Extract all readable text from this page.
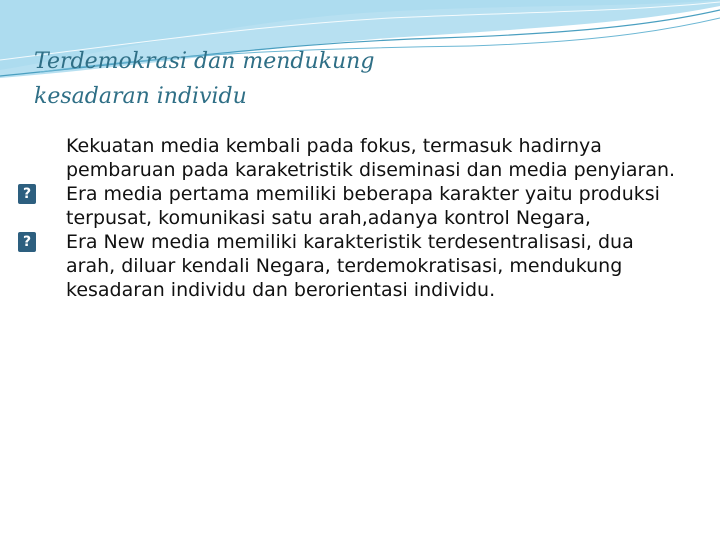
Terdemokrasi dan mendukung
kesadaran individu

Kekuatan media kembali pada fokus, termasuk hadirnya pembaruan pada karaketristik diseminasi dan media penyiaran.

? Era media pertama memiliki beberapa karakter yaitu produksi terpusat, komunikasi satu arah,adanya kontrol Negara,

? Era New media memiliki karakteristik terdesentralisasi, dua arah, diluar kendali Negara, terdemokratisasi, mendukung kesadaran individu dan berorientasi individu.
